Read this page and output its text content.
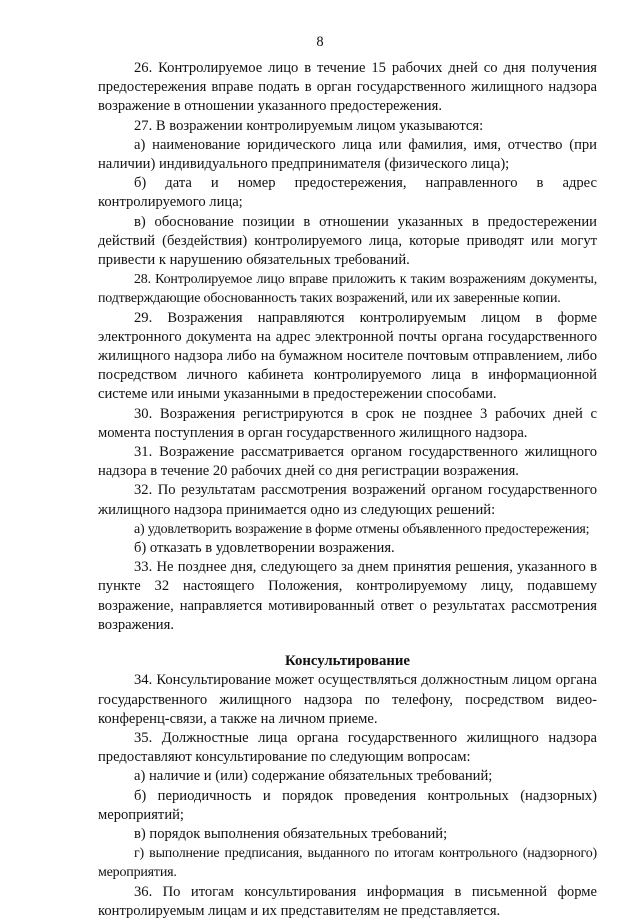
8

26. Контролируемое лицо в течение 15 рабочих дней со дня получения предостережения вправе подать в орган государственного жилищного надзора возражение в отношении указанного предостережения.

27. В возражении контролируемым лицом указываются:

а) наименование юридического лица или фамилия, имя, отчество (при наличии) индивидуального предпринимателя (физического лица);

б) дата и номер предостережения, направленного в адрес контролируемого лица;

в) обоснование позиции в отношении указанных в предостережении действий (бездействия) контролируемого лица, которые приводят или могут привести к нарушению обязательных требований.

28. Контролируемое лицо вправе приложить к таким возражениям документы, подтверждающие обоснованность таких возражений, или их заверенные копии.

29. Возражения направляются контролируемым лицом в форме электронного документа на адрес электронной почты органа государственного жилищного надзора либо на бумажном носителе почтовым отправлением, либо посредством личного кабинета контролируемого лица в информационной системе или иными указанными в предостережении способами.

30. Возражения регистрируются в срок не позднее 3 рабочих дней с момента поступления в орган государственного жилищного надзора.

31. Возражение рассматривается органом государственного жилищного надзора в течение 20 рабочих дней со дня регистрации возражения.

32. По результатам рассмотрения возражений органом государственного жилищного надзора принимается одно из следующих решений:

а) удовлетворить возражение в форме отмены объявленного предостережения;

б) отказать в удовлетворении возражения.

33. Не позднее дня, следующего за днем принятия решения, указанного в пункте 32 настоящего Положения, контролируемому лицу, подавшему возражение, направляется мотивированный ответ о результатах рассмотрения возражения.

Консультирование

34. Консультирование может осуществляться должностным лицом органа государственного жилищного надзора по телефону, посредством видео-конференц-связи, а также на личном приеме.

35. Должностные лица органа государственного жилищного надзора предоставляют консультирование по следующим вопросам:

а) наличие и (или) содержание обязательных требований;

б) периодичность и порядок проведения контрольных (надзорных) мероприятий;

в) порядок выполнения обязательных требований;

г) выполнение предписания, выданного по итогам контрольного (надзорного) мероприятия.

36. По итогам консультирования информация в письменной форме контролируемым лицам и их представителям не представляется.
